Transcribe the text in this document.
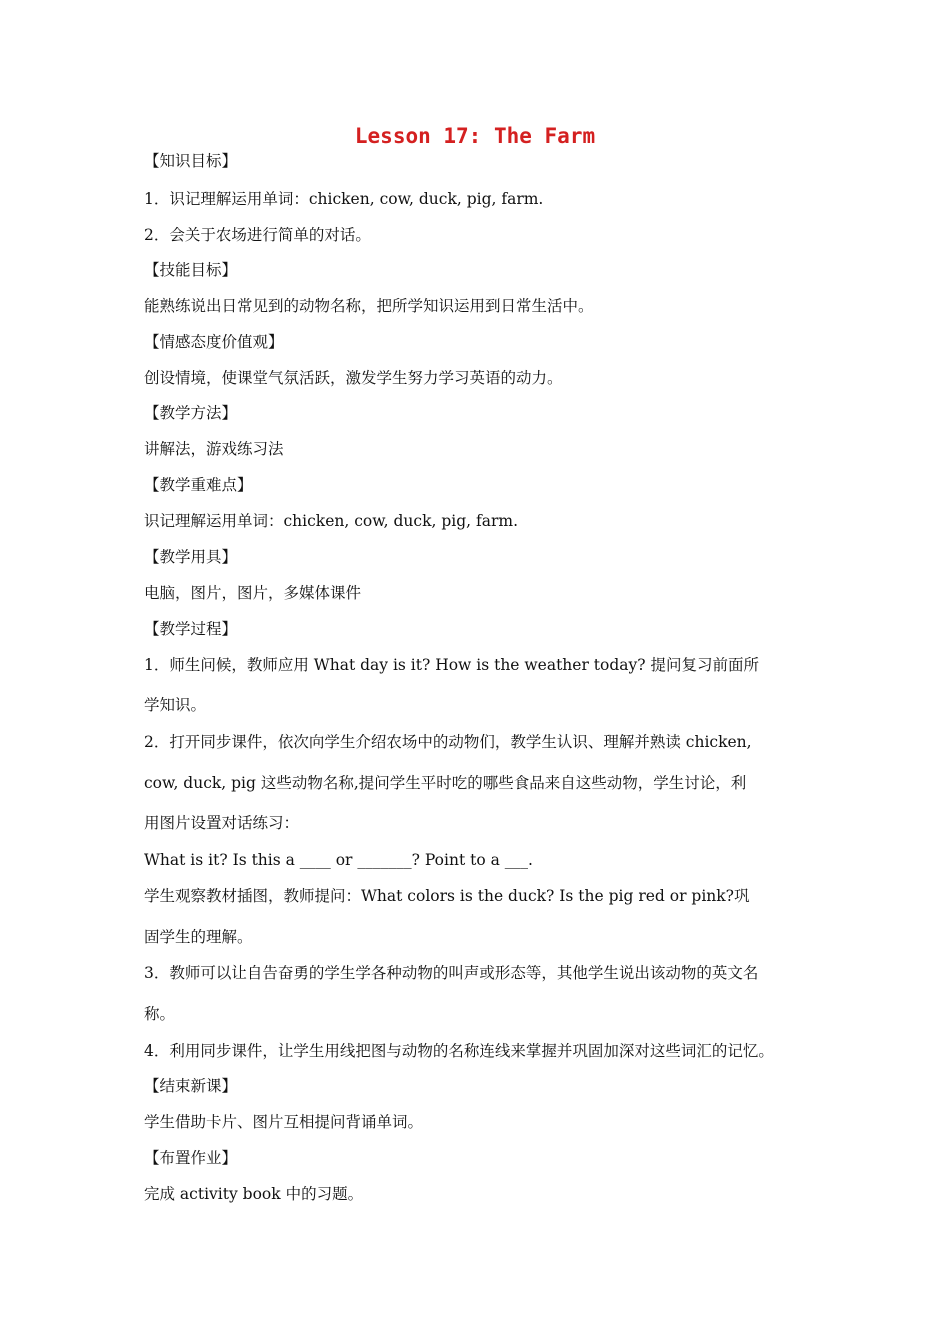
Lesson 17: The Farm

【知识目标】

1．识记理解运用单词：chicken, cow, duck, pig, farm.

2．会关于农场进行简单的对话。

【技能目标】

能熟练说出日常见到的动物名称，把所学知识运用到日常生活中。

【情感态度价值观】

创设情境，使课堂气氛活跃，激发学生努力学习英语的动力。

【教学方法】

讲解法，游戏练习法

【教学重难点】

识记理解运用单词：chicken, cow, duck, pig, farm.

【教学用具】

电脑，图片，图片，多媒体课件

【教学过程】

1．师生问候，教师应用 What day is it? How is the weather today? 提问复习前面所

学知识。

2．打开同步课件，依次向学生介绍农场中的动物们，教学生认识、理解并熟读 chicken,

cow, duck, pig 这些动物名称,提问学生平时吃的哪些食品来自这些动物，学生讨论，利

用图片设置对话练习：

What is it? Is this a ____ or _______? Point to a ___.

学生观察教材插图，教师提问：What colors is the duck? Is the pig red or pink?巩

固学生的理解。

3．教师可以让自告奋勇的学生学各种动物的叫声或形态等，其他学生说出该动物的英文名

称。

4．利用同步课件，让学生用线把图与动物的名称连线来掌握并巩固加深对这些词汇的记忆。

【结束新课】

学生借助卡片、图片互相提问背诵单词。

【布置作业】

完成 activity book 中的习题。
